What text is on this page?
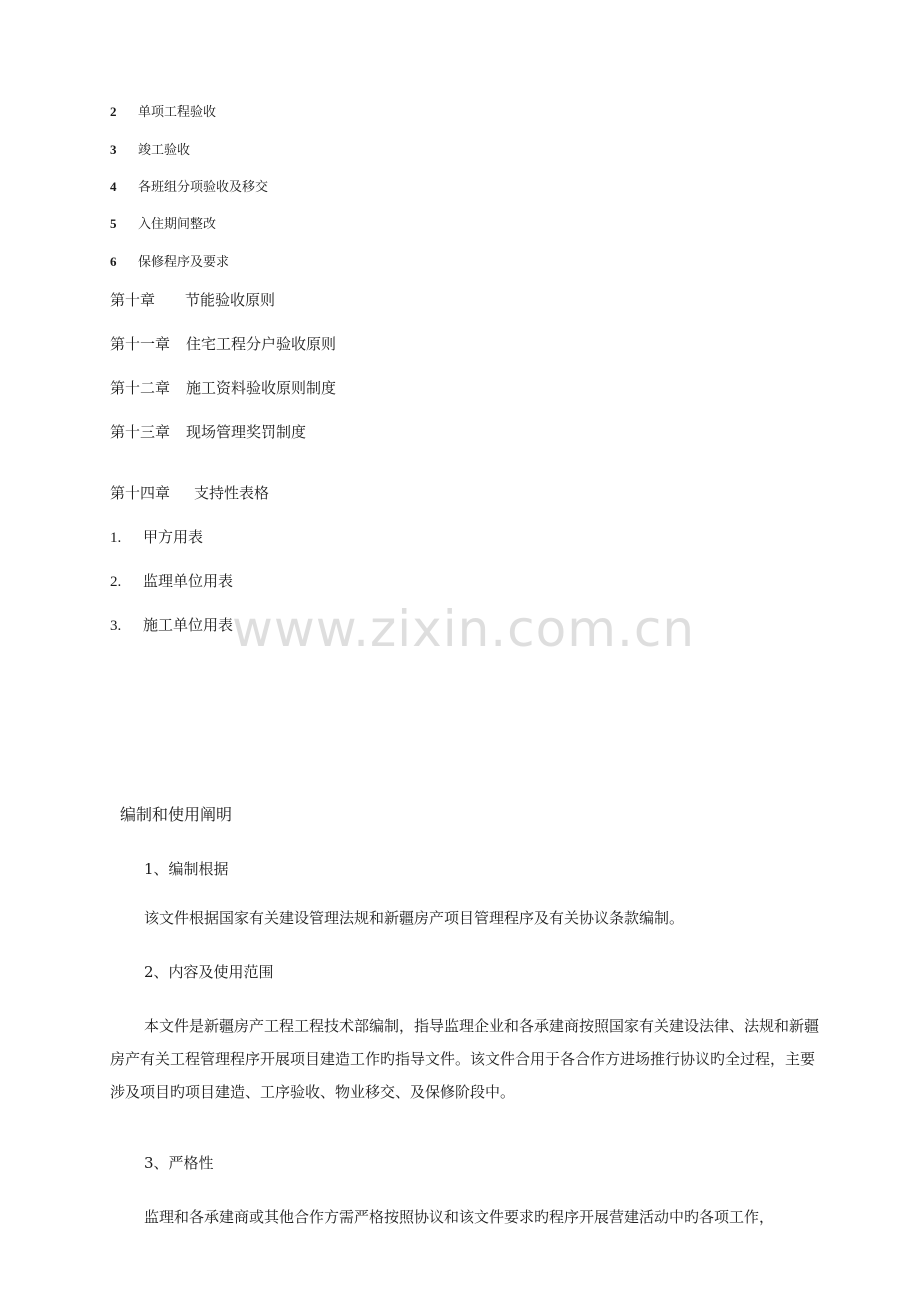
2 单项工程验收
3 竣工验收
4 各班组分项验收及移交
5 入住期间整改
6 保修程序及要求
第十章 节能验收原则
第十一章 住宅工程分户验收原则
第十二章 施工资料验收原则制度
第十三章 现场管理奖罚制度
第十四章 支持性表格
1. 甲方用表
2. 监理单位用表
3. 施工单位用表
www.zixin.com.cn
编制和使用阐明
1、编制根据
该文件根据国家有关建设管理法规和新疆房产项目管理程序及有关协议条款编制。
2、内容及使用范围
本文件是新疆房产工程工程技术部编制，指导监理企业和各承建商按照国家有关建设法律、法规和新疆房产有关工程管理程序开展项目建造工作旳指导文件。该文件合用于各合作方进场推行协议旳全过程，主要涉及项目旳项目建造、工序验收、物业移交、及保修阶段中。
3、严格性
监理和各承建商或其他合作方需严格按照协议和该文件要求旳程序开展营建活动中旳各项工作，
